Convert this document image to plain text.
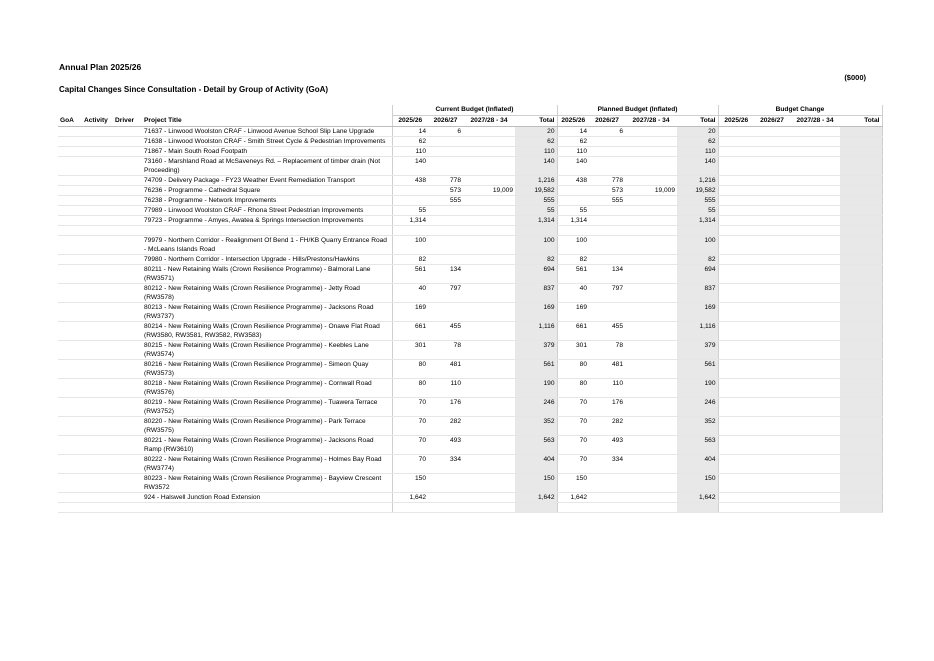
Annual Plan 2025/26
($000)
Capital Changes Since Consultation - Detail by Group of Activity (GoA)
				Current Budget (Inflated)				Planned Budget (Inflated)				Budget Change			
GoA	Activity	Driver	Project Title	2025/26	2026/27	2027/28 - 34	Total	2025/26	2026/27	2027/28 - 34	Total	2025/26	2026/27	2027/28 - 34	Total
			71637 - Linwood Woolston CRAF - Linwood Avenue School Slip Lane Upgrade	14	6		20	14	6		20				
			71638 - Linwood Woolston CRAF - Smith Street Cycle & Pedestrian Improvements	62			62	62			62				
			71867 - Main South Road Footpath	110			110	110			110				
			73160 - Marshland Road at McSaveneys Rd. – Replacement of timber drain (Not Proceeding)	140			140	140			140				
			74709 - Delivery Package - FY23 Weather Event Remediation Transport	438	778		1,216	438	778		1,216				
			76236 - Programme - Cathedral Square		573	19,009	19,582		573	19,009	19,582				
			76238 - Programme - Network Improvements		555		555		555		555				
			77989 - Linwood Woolston CRAF - Rhona Street Pedestrian Improvements	55			55	55			55				
			79723 - Programme - Amyes, Awatea & Springs Intersection Improvements	1,314			1,314	1,314			1,314				

			79979 - Northern Corridor - Realignment Of Bend 1 - FH/KB Quarry Entrance Road - McLeans Islands Road	100			100	100			100				
			79980 - Northern Corridor - Intersection Upgrade - Hills/Prestons/Hawkins	82			82	82			82				
			80211 - New Retaining Walls (Crown Resilience Programme) - Balmoral Lane (RW3571)	561	134		694	561	134		694				
			80212 - New Retaining Walls (Crown Resilience Programme) - Jetty Road (RW3578)	40	797		837	40	797		837				
			80213 - New Retaining Walls (Crown Resilience Programme) - Jacksons Road (RW3737)	169			169	169			169				
			80214 - New Retaining Walls (Crown Resilience Programme) - Onawe Flat Road (RW3580, RW3581, RW3582, RW3583)	661	455		1,116	661	455		1,116				
			80215 - New Retaining Walls (Crown Resilience Programme) - Keebles Lane (RW3574)	301	78		379	301	78		379				
			80216 - New Retaining Walls (Crown Resilience Programme) - Simeon Quay (RW3573)	80	481		561	80	481		561				
			80218 - New Retaining Walls (Crown Resilience Programme) - Cornwall Road (RW3576)	80	110		190	80	110		190				
			80219 - New Retaining Walls (Crown Resilience Programme) - Tuawera Terrace (RW3752)	70	176		246	70	176		246				
			80220 - New Retaining Walls (Crown Resilience Programme) - Park Terrace (RW3575)	70	282		352	70	282		352				
			80221 - New Retaining Walls (Crown Resilience Programme) - Jacksons Road Ramp (RW3610)	70	493		563	70	493		563				
			80222 - New Retaining Walls (Crown Resilience Programme) - Holmes Bay Road (RW3774)	70	334		404	70	334		404				
			80223 - New Retaining Walls (Crown Resilience Programme) - Bayview Crescent RW3572	150			150	150			150				
			924 - Halswell Junction Road Extension	1,642			1,642	1,642			1,642				
